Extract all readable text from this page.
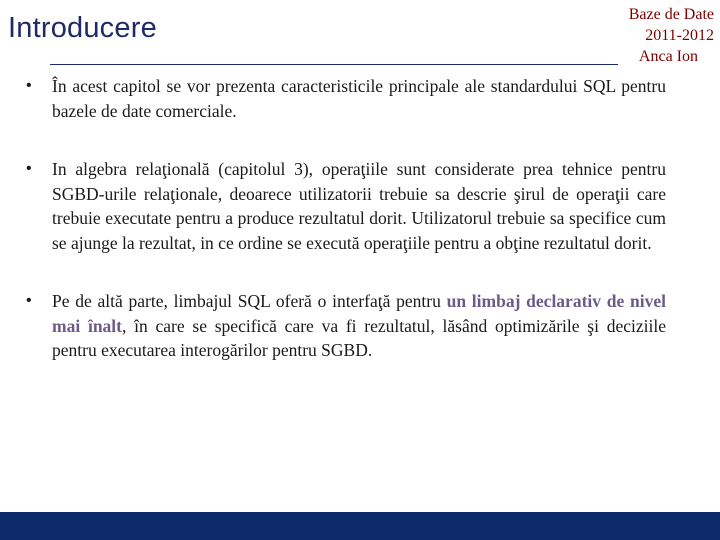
Introducere	Baze de Date
2011-2012
Anca Ion
• În acest capitol se vor prezenta caracteristicile principale ale standardului SQL pentru bazele de date comerciale.
• In algebra relaţională (capitolul 3), operaţiile sunt considerate prea tehnice pentru SGBD-urile relaţionale, deoarece utilizatorii trebuie sa descrie şirul de operaţii care trebuie executate pentru a produce rezultatul dorit. Utilizatorul trebuie sa specifice cum se ajunge la rezultat, in ce ordine se execută operaţiile pentru a obţine rezultatul dorit.
• Pe de altă parte, limbajul SQL oferă o interfaţă pentru un limbaj declarativ de nivel mai înalt, în care se specifică care va fi rezultatul, lăsând optimizările şi deciziile pentru executarea interogărilor pentru SGBD.
